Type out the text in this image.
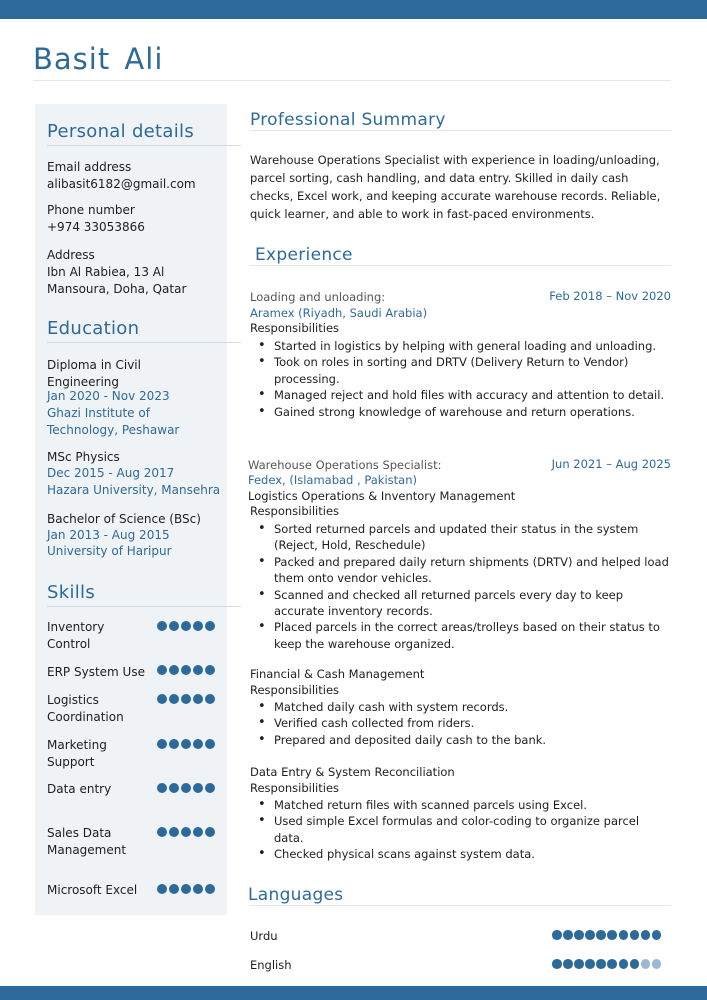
Basit Ali
Personal details
Email address
alibasit6182@gmail.com
Phone number
+974 33053866
Address
Ibn Al Rabiea, 13 Al
Mansoura, Doha, Qatar
Education
Diploma in Civil
Engineering
Jan 2020 - Nov 2023
Ghazi Institute of
Technology, Peshawar
MSc Physics
Dec 2015 - Aug 2017
Hazara University, Mansehra
Bachelor of Science (BSc)
Jan 2013 - Aug 2015
University of Haripur
Skills
Inventory
Control
ERP System Use
Logistics
Coordination
Marketing
Support
Data entry
Sales Data
Management
Microsoft Excel
Professional Summary
Warehouse Operations Specialist with experience in loading/unloading, parcel sorting, cash handling, and data entry. Skilled in daily cash checks, Excel work, and keeping accurate warehouse records. Reliable, quick learner, and able to work in fast-paced environments.
Experience
Loading and unloading:	Feb 2018 – Nov 2020
Aramex (Riyadh, Saudi Arabia)
Responsibilities
• Started in logistics by helping with general loading and unloading.
• Took on roles in sorting and DRTV (Delivery Return to Vendor) processing.
• Managed reject and hold files with accuracy and attention to detail.
• Gained strong knowledge of warehouse and return operations.
Warehouse Operations Specialist:	Jun 2021 – Aug 2025
Fedex, (Islamabad , Pakistan)
Logistics Operations & Inventory Management
Responsibilities
• Sorted returned parcels and updated their status in the system (Reject, Hold, Reschedule)
• Packed and prepared daily return shipments (DRTV) and helped load them onto vendor vehicles.
• Scanned and checked all returned parcels every day to keep accurate inventory records.
• Placed parcels in the correct areas/trolleys based on their status to keep the warehouse organized.
Financial & Cash Management
Responsibilities
• Matched daily cash with system records.
• Verified cash collected from riders.
• Prepared and deposited daily cash to the bank.
Data Entry & System Reconciliation
Responsibilities
• Matched return files with scanned parcels using Excel.
• Used simple Excel formulas and color-coding to organize parcel data.
• Checked physical scans against system data.
Languages
Urdu
English
